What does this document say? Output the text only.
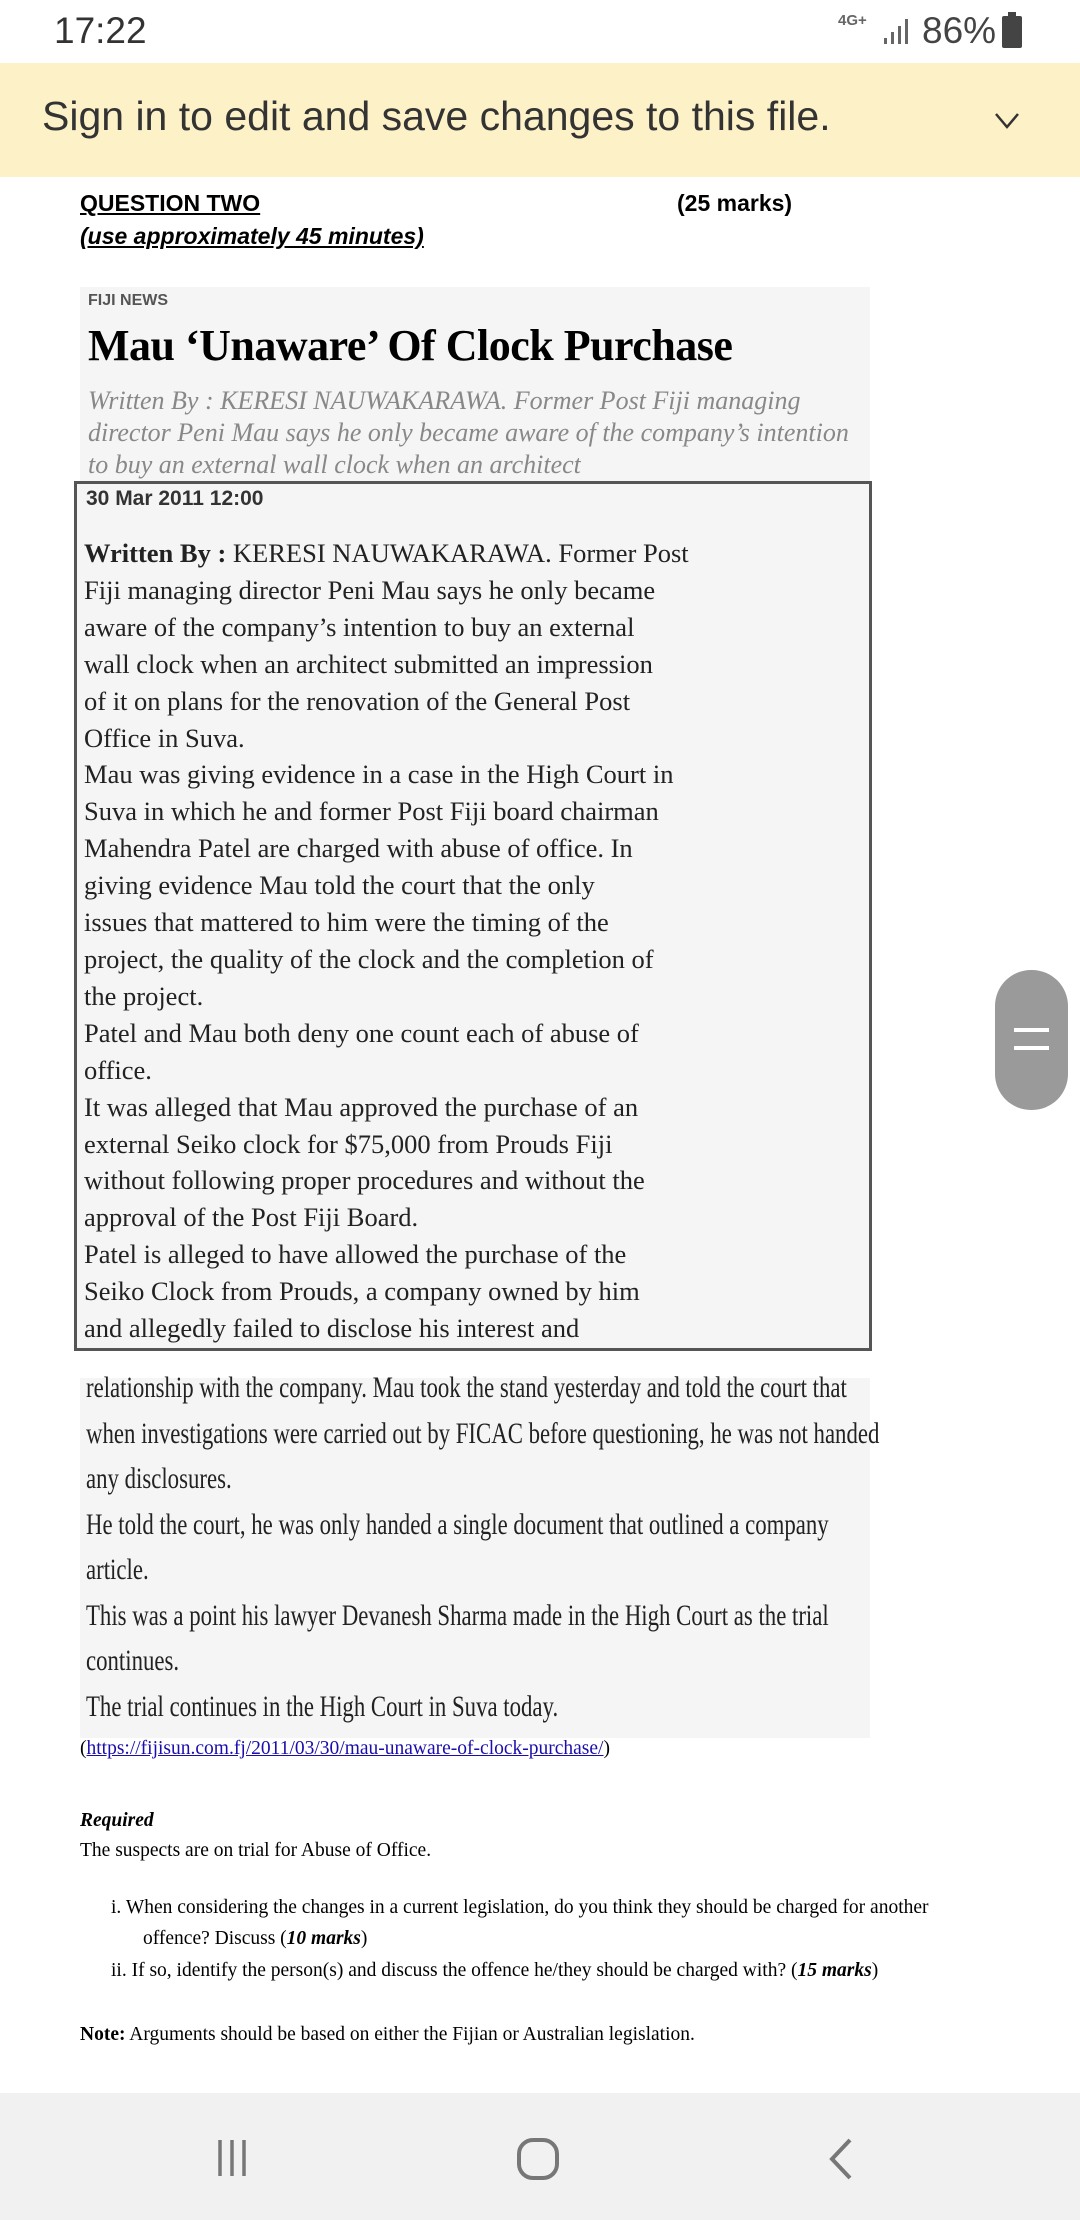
17:22	4G+ 86%
Sign in to edit and save changes to this file.
QUESTION TWO	(25 marks)
(use approximately 45 minutes)
FIJI NEWS
Mau ‘Unaware’ Of Clock Purchase
Written By : KERESI NAUWAKARAWA. Former Post Fiji managing
director Peni Mau says he only became aware of the company’s intention
to buy an external wall clock when an architect
30 Mar 2011 12:00
Written By : KERESI NAUWAKARAWA. Former Post
Fiji managing director Peni Mau says he only became
aware of the company’s intention to buy an external
wall clock when an architect submitted an impression
of it on plans for the renovation of the General Post
Office in Suva.
Mau was giving evidence in a case in the High Court in
Suva in which he and former Post Fiji board chairman
Mahendra Patel are charged with abuse of office. In
giving evidence Mau told the court that the only
issues that mattered to him were the timing of the
project, the quality of the clock and the completion of
the project.
Patel and Mau both deny one count each of abuse of
office.
It was alleged that Mau approved the purchase of an
external Seiko clock for $75,000 from Prouds Fiji
without following proper procedures and without the
approval of the Post Fiji Board.
Patel is alleged to have allowed the purchase of the
Seiko Clock from Prouds, a company owned by him
and allegedly failed to disclose his interest and
relationship with the company. Mau took the stand yesterday and told the court that
when investigations were carried out by FICAC before questioning, he was not handed
any disclosures.
He told the court, he was only handed a single document that outlined a company
article.
This was a point his lawyer Devanesh Sharma made in the High Court as the trial
continues.
The trial continues in the High Court in Suva today.
(https://fijisun.com.fj/2011/03/30/mau-unaware-of-clock-purchase/)
Required
The suspects are on trial for Abuse of Office.
i. When considering the changes in a current legislation, do you think they should be charged for another
offence? Discuss (10 marks)
ii. If so, identify the person(s) and discuss the offence he/they should be charged with? (15 marks)
Note: Arguments should be based on either the Fijian or Australian legislation.
